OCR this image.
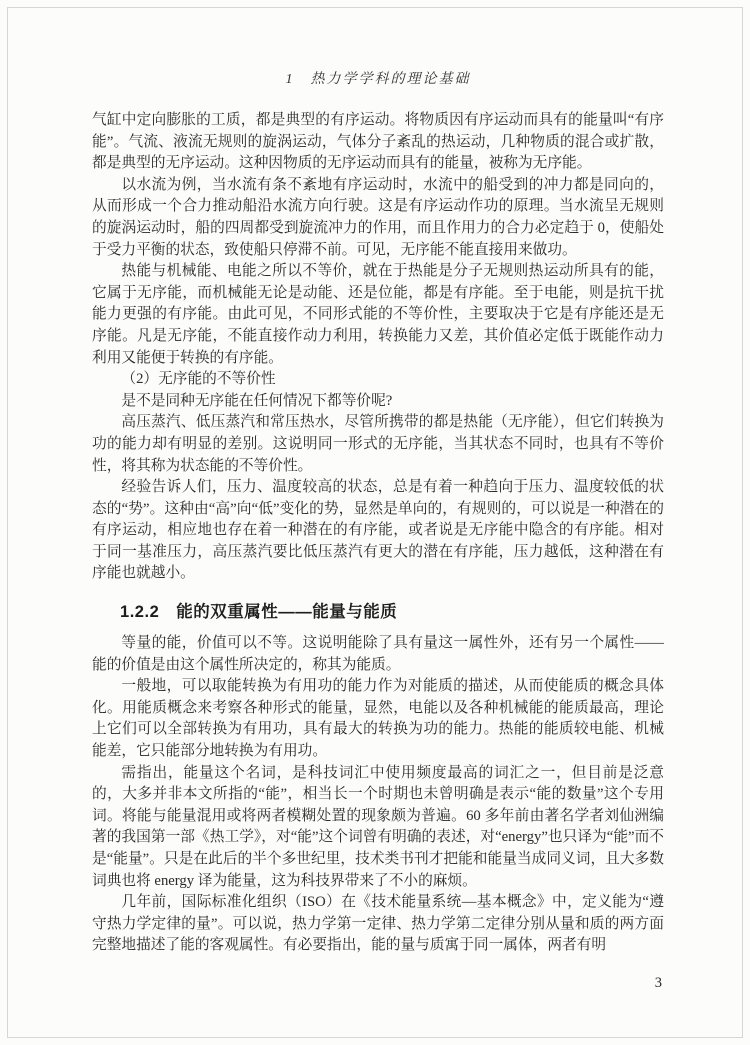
1　热力学学科的理论基础

气缸中定向膨胀的工质，都是典型的有序运动。将物质因有序运动而具有的能量叫“有序能”。气流、液流无规则的旋涡运动，气体分子紊乱的热运动，几种物质的混合或扩散，都是典型的无序运动。这种因物质的无序运动而具有的能量，被称为无序能。

以水流为例，当水流有条不紊地有序运动时，水流中的船受到的冲力都是同向的，从而形成一个合力推动船沿水流方向行驶。这是有序运动作功的原理。当水流呈无规则的旋涡运动时，船的四周都受到旋流冲力的作用，而且作用力的合力必定趋于 0，使船处于受力平衡的状态，致使船只停滞不前。可见，无序能不能直接用来做功。

热能与机械能、电能之所以不等价，就在于热能是分子无规则热运动所具有的能，它属于无序能，而机械能无论是动能、还是位能，都是有序能。至于电能，则是抗干扰能力更强的有序能。由此可见，不同形式能的不等价性，主要取决于它是有序能还是无序能。凡是无序能，不能直接作动力利用，转换能力又差，其价值必定低于既能作动力利用又能便于转换的有序能。

（2）无序能的不等价性

是不是同种无序能在任何情况下都等价呢?

高压蒸汽、低压蒸汽和常压热水，尽管所携带的都是热能（无序能），但它们转换为功的能力却有明显的差别。这说明同一形式的无序能，当其状态不同时，也具有不等价性，将其称为状态能的不等价性。

经验告诉人们，压力、温度较高的状态，总是有着一种趋向于压力、温度较低的状态的“势”。这种由“高”向“低”变化的势，显然是单向的，有规则的，可以说是一种潜在的有序运动，相应地也存在着一种潜在的有序能，或者说是无序能中隐含的有序能。相对于同一基准压力，高压蒸汽要比低压蒸汽有更大的潜在有序能，压力越低，这种潜在有序能也就越小。

1.2.2　能的双重属性——能量与能质

等量的能，价值可以不等。这说明能除了具有量这一属性外，还有另一个属性——能的价值是由这个属性所决定的，称其为能质。

一般地，可以取能转换为有用功的能力作为对能质的描述，从而使能质的概念具体化。用能质概念来考察各种形式的能量，显然，电能以及各种机械能的能质最高，理论上它们可以全部转换为有用功，具有最大的转换为功的能力。热能的能质较电能、机械能差，它只能部分地转换为有用功。

需指出，能量这个名词，是科技词汇中使用频度最高的词汇之一，但目前是泛意的，大多并非本文所指的“能”，相当长一个时期也未曾明确是表示“能的数量”这个专用词。将能与能量混用或将两者模糊处置的现象颇为普遍。60 多年前由著名学者刘仙洲编著的我国第一部《热工学》，对“能”这个词曾有明确的表述，对“energy”也只译为“能”而不是“能量”。只是在此后的半个多世纪里，技术类书刊才把能和能量当成同义词，且大多数词典也将 energy 译为能量，这为科技界带来了不小的麻烦。

几年前，国际标准化组织（ISO）在《技术能量系统—基本概念》中，定义能为“遵守热力学定律的量”。可以说，热力学第一定律、热力学第二定律分别从量和质的两方面完整地描述了能的客观属性。有必要指出，能的量与质寓于同一属体，两者有明

3
